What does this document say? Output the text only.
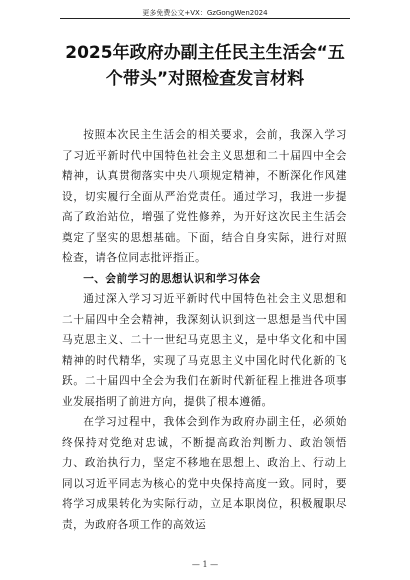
更多免费公文+VX：GzGongWen2024
2025年政府办副主任民主生活会“五个带头”对照检查发言材料

按照本次民主生活会的相关要求，会前，我深入学习了习近平新时代中国特色社会主义思想和二十届四中全会精神，认真贯彻落实中央八项规定精神，不断深化作风建设，切实履行全面从严治党责任。通过学习，我进一步提高了政治站位，增强了党性修养，为开好这次民主生活会奠定了坚实的思想基础。下面，结合自身实际，进行对照检查，请各位同志批评指正。

一、会前学习的思想认识和学习体会

通过深入学习习近平新时代中国特色社会主义思想和二十届四中全会精神，我深刻认识到这一思想是当代中国马克思主义、二十一世纪马克思主义，是中华文化和中国精神的时代精华，实现了马克思主义中国化时代化新的飞跃。二十届四中全会为我们在新时代新征程上推进各项事业发展指明了前进方向，提供了根本遵循。

在学习过程中，我体会到作为政府办副主任，必须始终保持对党绝对忠诚，不断提高政治判断力、政治领悟力、政治执行力，坚定不移地在思想上、政治上、行动上同以习近平同志为核心的党中央保持高度一致。同时，要将学习成果转化为实际行动，立足本职岗位，积极履职尽责，为政府各项工作的高效运

— 1 —
